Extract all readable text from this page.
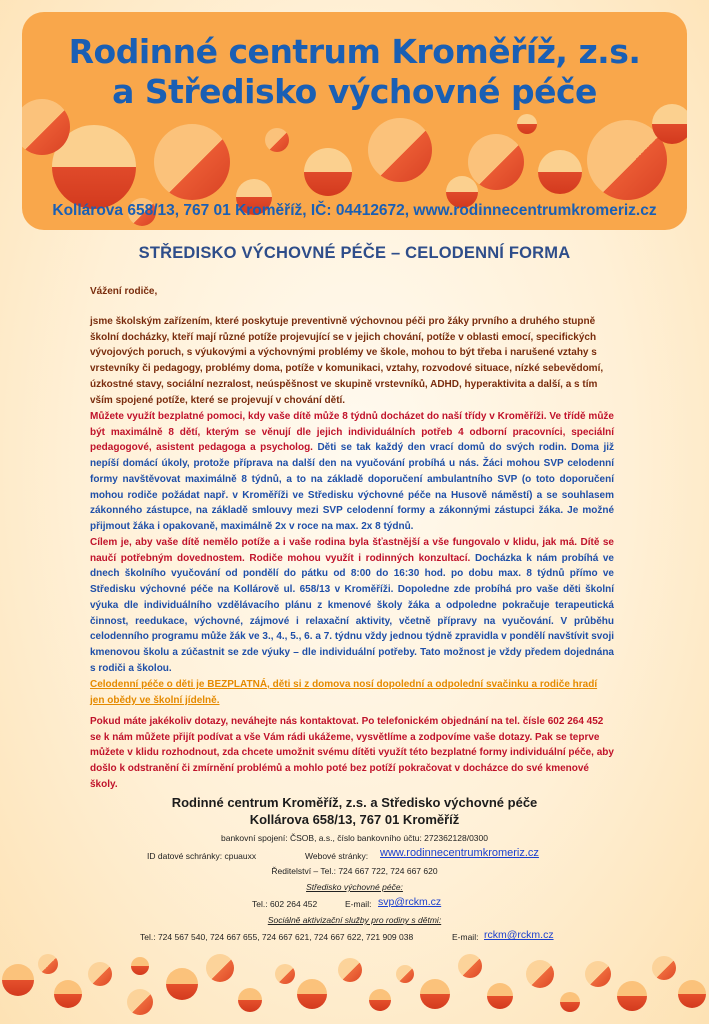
Rodinné centrum Kroměříž, z.s.
a Středisko výchovné péče
Kollárova 658/13, 767 01 Kroměříž, IČ: 04412672, www.rodinnecentrumkromeriz.cz
STŘEDISKO VÝCHOVNÉ PÉČE – CELODENNÍ FORMA
Vážení rodiče,
jsme školským zařízením, které poskytuje preventivně výchovnou péči pro žáky prvního a druhého stupně školní docházky, kteří mají různé potíže projevující se v jejich chování, potíže v oblasti emocí, specifických vývojových poruch, s výukovými a výchovnými problémy ve škole, mohou to být třeba i narušené vztahy s vrstevníky či pedagogy, problémy doma, potíže v komunikaci, vztahy, rozvodové situace, nízké sebevědomí, úzkostné stavy, sociální nezralost, neúspěšnost ve skupině vrstevníků, ADHD, hyperaktivita a další, a s tím vším spojené potíže, které se projevují v chování dětí.
Můžete využít bezplatné pomoci, kdy vaše dítě může 8 týdnů docházet do naší třídy v Kroměříži. Ve třídě může být maximálně 8 dětí, kterým se věnují dle jejich individuálních potřeb 4 odborní pracovníci, speciální pedagogové, asistent pedagoga a psycholog. Děti se tak každý den vrací domů do svých rodin. Doma již nepíší domácí úkoly, protože příprava na další den na vyučování probíhá u nás. Žáci mohou SVP celodenní formy navštěvovat maximálně 8 týdnů, a to na základě doporučení ambulantního SVP (o toto doporučení mohou rodiče požádat např. v Kroměříži ve Středisku výchovné péče na Husově náměstí) a se souhlasem zákonného zástupce, na základě smlouvy mezi SVP celodenní formy a zákonnými zástupci žáka. Je možné přijmout žáka i opakovaně, maximálně 2x v roce na max. 2x 8 týdnů.
Cílem je, aby vaše dítě nemělo potíže a i vaše rodina byla šťastnější a vše fungovalo v klidu, jak má. Dítě se naučí potřebným dovednostem. Rodiče mohou využít i rodinných konzultací. Docházka k nám probíhá ve dnech školního vyučování od pondělí do pátku od 8:00 do 16:30 hod. po dobu max. 8 týdnů přímo ve Středisku výchovné péče na Kollárově ul. 658/13 v Kroměříži. Dopoledne zde probíhá pro vaše děti školní výuka dle individuálního vzdělávacího plánu z kmenové školy žáka a odpoledne pokračuje terapeutická činnost, reedukace, výchovné, zájmové i relaxační aktivity, včetně přípravy na vyučování. V průběhu celodenního programu může žák ve 3., 4., 5., 6. a 7. týdnu vždy jednou týdně zpravidla v pondělí navštívit svoji kmenovou školu a zúčastnit se zde výuky – dle individuální potřeby. Tato možnost je vždy předem dojednána s rodiči a školou.
Celodenní péče o děti je BEZPLATNÁ, děti si z domova nosí dopolední a odpolední svačinku a rodiče hradí jen obědy ve školní jídelně.
Pokud máte jakékoliv dotazy, neváhejte nás kontaktovat. Po telefonickém objednání na tel. čísle 602 264 452 se k nám můžete přijít podívat a vše Vám rádi ukážeme, vysvětlíme a zodpovíme vaše dotazy. Pak se teprve můžete v klidu rozhodnout, zda chcete umožnit svému dítěti využít této bezplatné formy individuální péče, aby došlo k odstranění či zmírnění problémů a mohlo poté bez potíží pokračovat v docházce do své kmenové školy.
Rodinné centrum Kroměříž, z.s. a Středisko výchovné péče
Kollárova 658/13, 767 01 Kroměříž
bankovní spojení: ČSOB, a.s., číslo bankovního účtu: 272362128/0300
ID datové schránky: cpuauxx	Webové stránky: www.rodinnecentrumkromeriz.cz
Ředitelství – Tel.: 724 667 722, 724 667 620
Středisko výchovné péče:
Tel.: 602 264 452	E-mail: svp@rckm.cz
Sociálně aktivizační služby pro rodiny s dětmi:
Tel.: 724 567 540, 724 667 655, 724 667 621, 724 667 622, 721 909 038	E-mail: rckm@rckm.cz
